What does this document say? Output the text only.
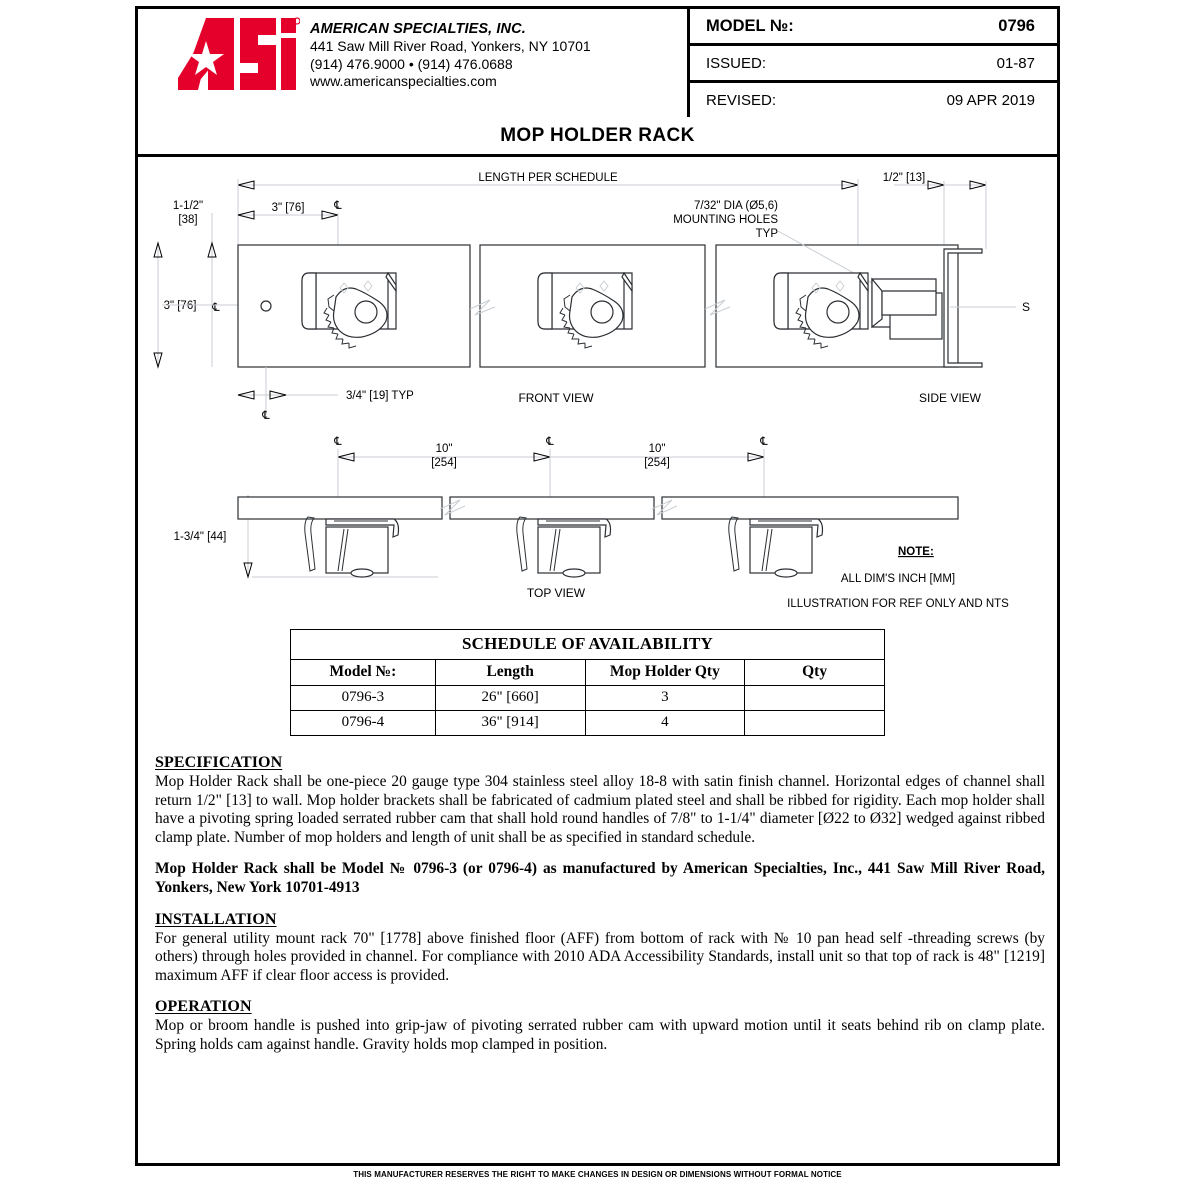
AMERICAN SPECIALTIES, INC.
441 Saw Mill River Road, Yonkers, NY 10701
(914) 476.9000 • (914) 476.0688
www.americanspecialties.com
MODEL №:	0796
ISSUED:	01-87
REVISED:	09 APR 2019
MOP HOLDER RACK
LENGTH PER SCHEDULE	1/2" [13]
3" [76]	℄
1-1/2"
[38]
3" [76] ℄
7/32" DIA (Ø5,6)
MOUNTING HOLES
TYP
3/4" [19] TYP
℄
FRONT VIEW
S
SIDE VIEW
10"
[254]
℄	℄
10"
[254]
℄
1-3/4" [44]
TOP VIEW
NOTE:
ALL DIM'S INCH [MM]
ILLUSTRATION FOR REF ONLY AND NTS
SCHEDULE OF AVAILABILITY			
Model №:	Length	Mop Holder Qty	Qty
0796-3	26" [660]	3	
0796-4	36" [914]	4	
SPECIFICATION
Mop Holder Rack shall be one-piece 20 gauge type 304 stainless steel alloy 18-8 with satin finish channel. Horizontal edges of channel shall return 1/2" [13] to wall. Mop holder brackets shall be fabricated of cadmium plated steel and shall be ribbed for rigidity. Each mop holder shall have a pivoting spring loaded serrated rubber cam that shall hold round handles of 7/8" to 1-1/4" diameter [Ø22 to Ø32] wedged against ribbed clamp plate. Number of mop holders and length of unit shall be as specified in standard schedule.
Mop Holder Rack shall be Model № 0796-3 (or 0796-4) as manufactured by American Specialties, Inc., 441 Saw Mill River Road, Yonkers, New York 10701-4913
INSTALLATION
For general utility mount rack 70" [1778] above finished floor (AFF) from bottom of rack with № 10 pan head self -threading screws (by others) through holes provided in channel. For compliance with 2010 ADA Accessibility Standards, install unit so that top of rack is 48" [1219] maximum AFF if clear floor access is provided.
OPERATION
Mop or broom handle is pushed into grip-jaw of pivoting serrated rubber cam with upward motion until it seats behind rib on clamp plate. Spring holds cam against handle. Gravity holds mop clamped in position.
THIS MANUFACTURER RESERVES THE RIGHT TO MAKE CHANGES IN DESIGN OR DIMENSIONS WITHOUT FORMAL NOTICE
